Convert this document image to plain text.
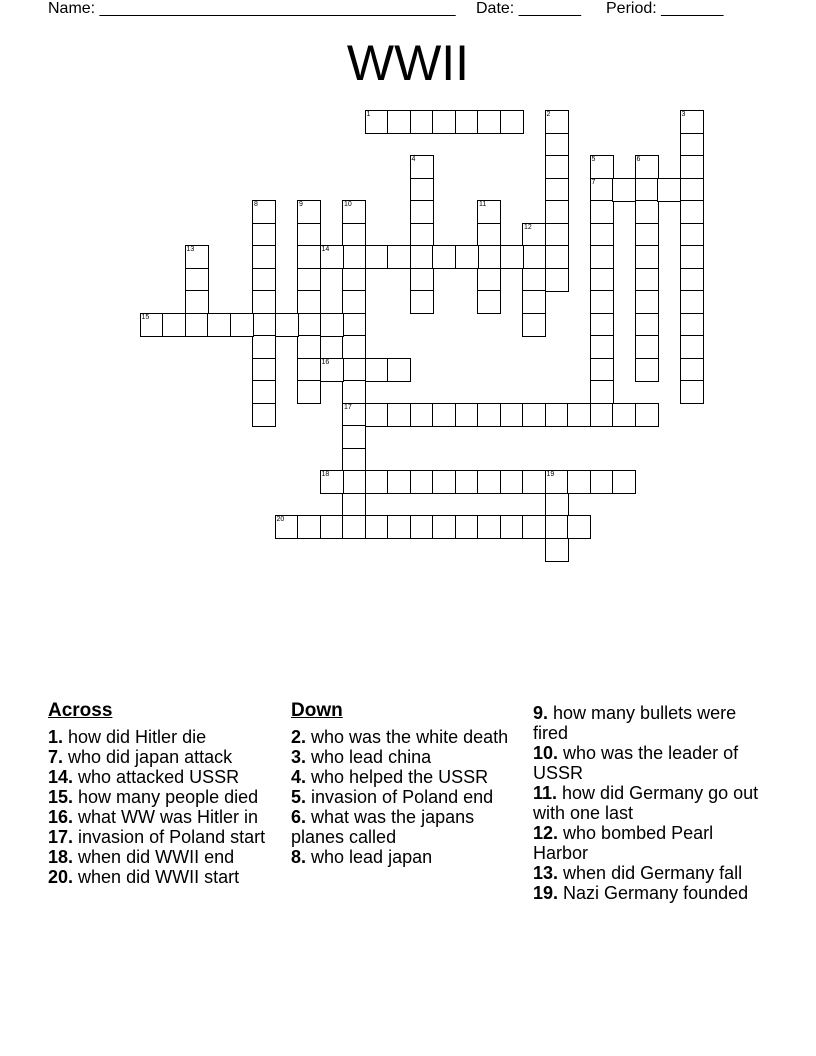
Name: ________________________________________ Date: _______ Period: _______
WWII
1	2	3
4	5
7
6
8	9	10
17
11
12
13	14
15
16
18	19
20
Across
1. how did Hitler die
7. who did japan attack
14. who attacked USSR
15. how many people died
16. what WW was Hitler in
17. invasion of Poland start
18. when did WWII end
20. when did WWII start
Down
2. who was the white death
3. who lead china
4. who helped the USSR
5. invasion of Poland end
6. what was the japans planes called
8. who lead japan
9. how many bullets were fired
10. who was the leader of USSR
11. how did Germany go out with one last
12. who bombed Pearl Harbor
13. when did Germany fall
19. Nazi Germany founded
